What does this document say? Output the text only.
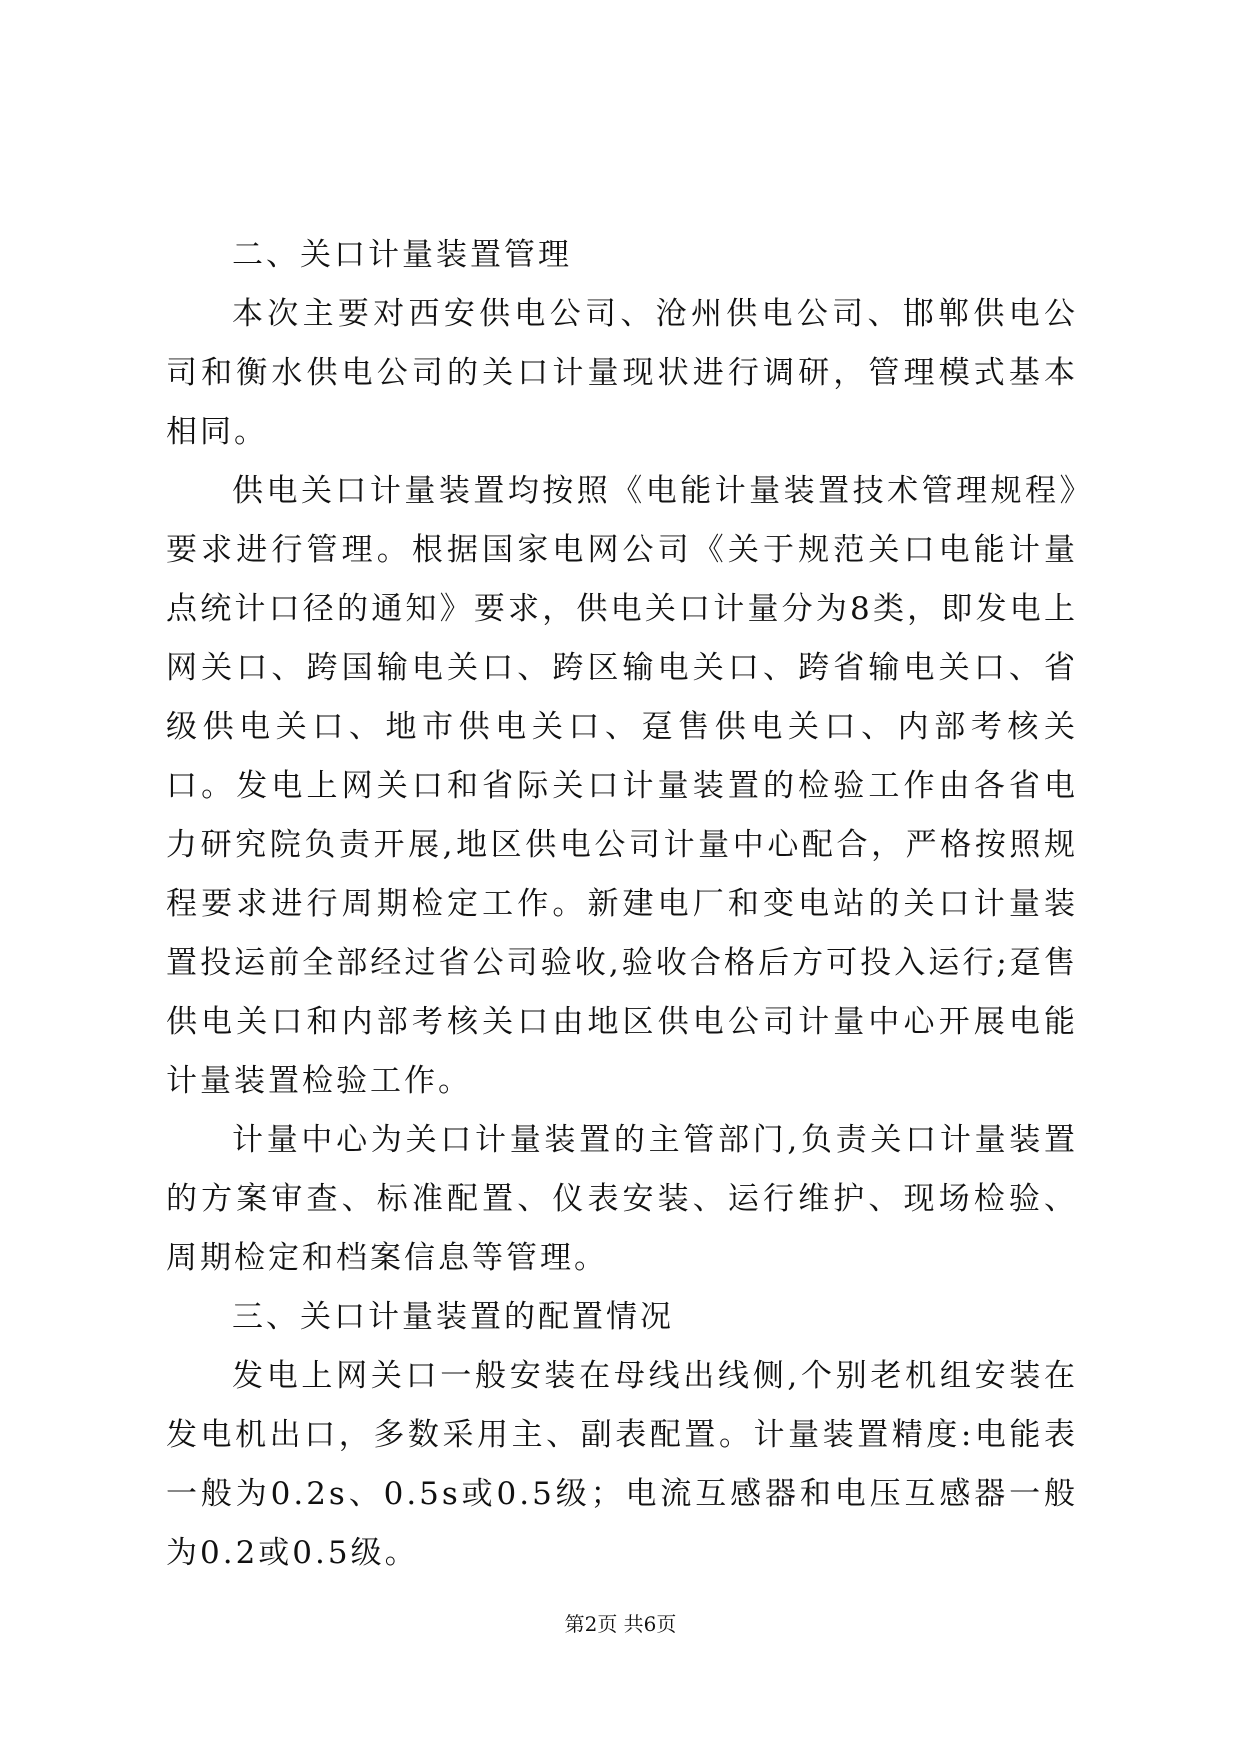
二、关口计量装置管理

本次主要对西安供电公司、沧州供电公司、邯郸供电公司和衡水供电公司的关口计量现状进行调研，管理模式基本相同。

供电关口计量装置均按照《电能计量装置技术管理规程》要求进行管理。根据国家电网公司《关于规范关口电能计量点统计口径的通知》要求，供电关口计量分为8类，即发电上网关口、跨国输电关口、跨区输电关口、跨省输电关口、省级供电关口、地市供电关口、趸售供电关口、内部考核关口。发电上网关口和省际关口计量装置的检验工作由各省电力研究院负责开展,地区供电公司计量中心配合，严格按照规程要求进行周期检定工作。新建电厂和变电站的关口计量装置投运前全部经过省公司验收,验收合格后方可投入运行;趸售供电关口和内部考核关口由地区供电公司计量中心开展电能计量装置检验工作。

计量中心为关口计量装置的主管部门,负责关口计量装置的方案审查、标准配置、仪表安装、运行维护、现场检验、周期检定和档案信息等管理。

三、关口计量装置的配置情况

发电上网关口一般安装在母线出线侧,个别老机组安装在发电机出口，多数采用主、副表配置。计量装置精度:电能表一般为0.2s、0.5s或0.5级；电流互感器和电压互感器一般为0.2或0.5级。

第2页 共6页
